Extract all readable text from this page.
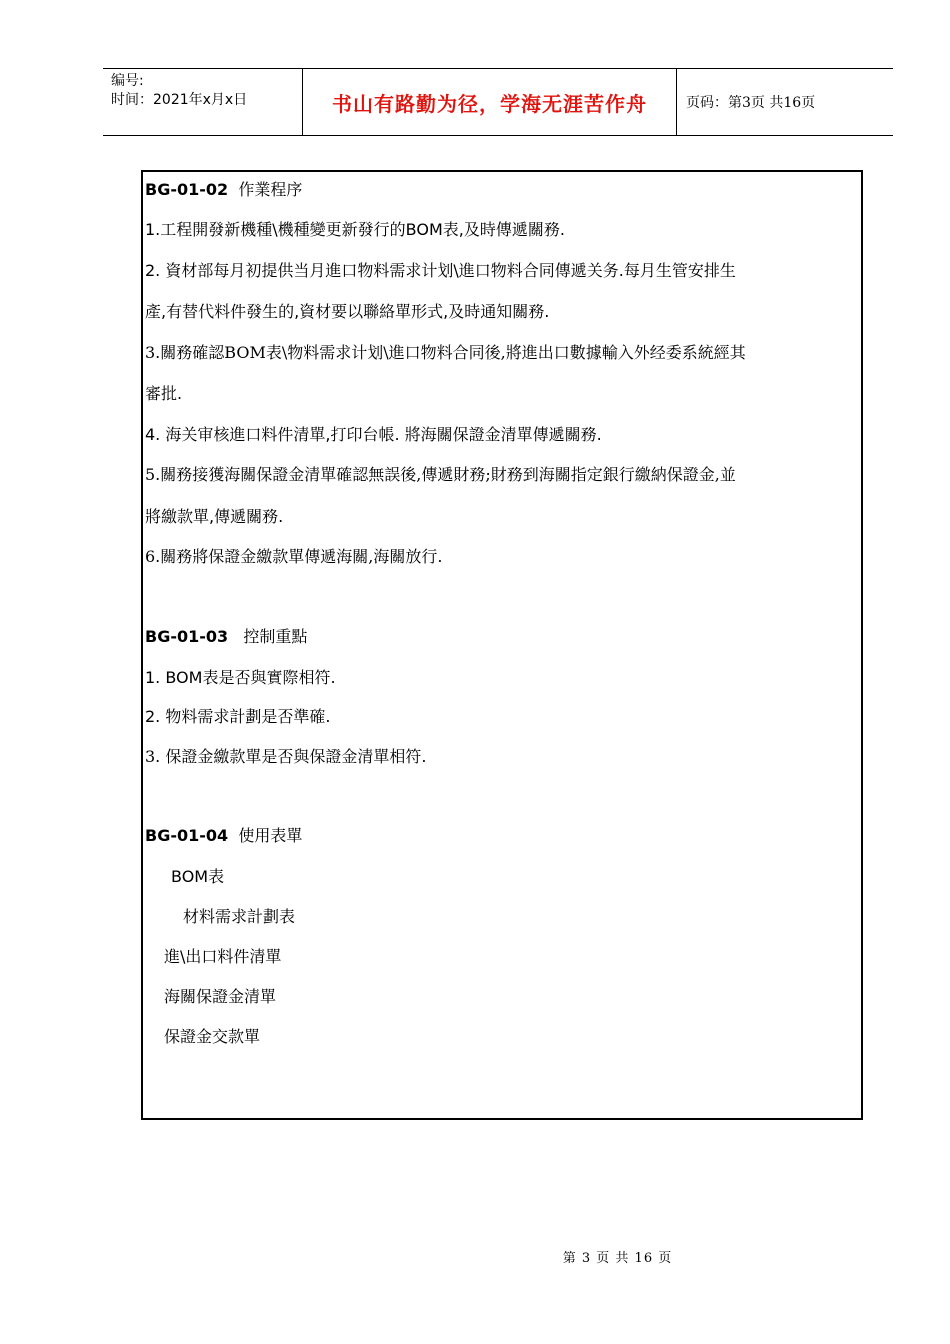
编号:
时间：2021年x月x日	书山有路勤为径，学海无涯苦作舟	页码：第3页 共16页
BG-01-02 作業程序
1.工程開發新機種\機種變更新發行的BOM表,及時傳遞關務.
2. 資材部每月初提供当月進口物料需求计划\進口物料合同傳遞关务.每月生管安排生
產,有替代料件發生的,資材要以聯絡單形式,及時通知關務.
3.關務確認BOM表\物料需求计划\進口物料合同後,將進出口數據輸入外经委系統經其
審批.
4. 海关审核進口料件清單,打印台帳. 將海關保證金清單傳遞關務.
5.關務接獲海關保證金清單確認無誤後,傳遞財務;財務到海關指定銀行繳納保證金,並
將繳款單,傳遞關務.
6.關務將保證金繳款單傳遞海關,海關放行.
BG-01-03 控制重點
1. BOM表是否與實際相符.
2. 物料需求計劃是否準確.
3. 保證金繳款單是否與保證金清單相符.
BG-01-04 使用表單
BOM表
材料需求計劃表
進\出口料件清單
海關保證金清單
保證金交款單
第 3 页 共 16 页
